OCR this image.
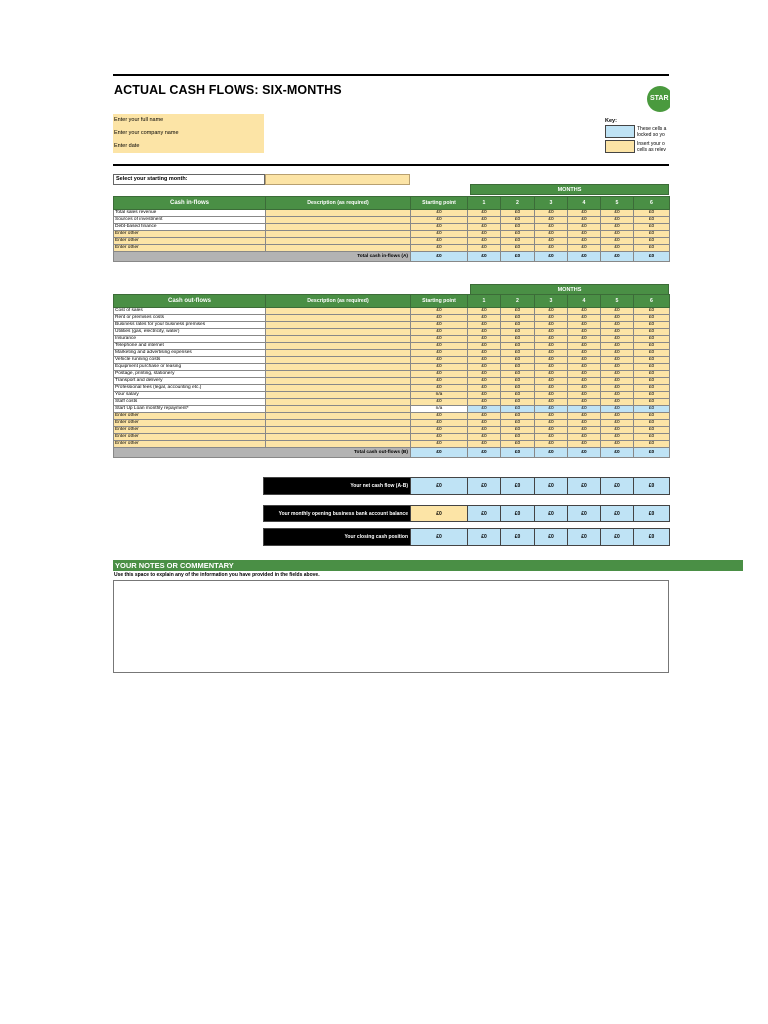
ACTUAL CASH FLOWS: SIX-MONTHS
STAR
Enter your full name
Enter your company name
Enter date
Key:
These cells a
locked so yo
Insert your o
cells as relev
Select your starting month:
MONTHS
Cash in-flows	Description (as required)	Starting point	1	2	3	4	5	6
Total sales revenue		£0	£0	£0	£0	£0	£0	£0
Sources of investment		£0	£0	£0	£0	£0	£0	£0
Debt-based finance		£0	£0	£0	£0	£0	£0	£0
Enter other		£0	£0	£0	£0	£0	£0	£0
Enter other		£0	£0	£0	£0	£0	£0	£0
Enter other		£0	£0	£0	£0	£0	£0	£0
Total cash in-flows (A)		£0	£0	£0	£0	£0	£0	£0
MONTHS
Cash out-flows	Description (as required)	Starting point	1	2	3	4	5	6
Cost of sales		£0	£0	£0	£0	£0	£0	£0
Rent or premises costs		£0	£0	£0	£0	£0	£0	£0
Business rates for your business premises		£0	£0	£0	£0	£0	£0	£0
Utilities (gas, electricity, water)		£0	£0	£0	£0	£0	£0	£0
Insurance		£0	£0	£0	£0	£0	£0	£0
Telephone and internet		£0	£0	£0	£0	£0	£0	£0
Marketing and advertising expenses		£0	£0	£0	£0	£0	£0	£0
Vehicle running costs		£0	£0	£0	£0	£0	£0	£0
Equipment purchase or leasing		£0	£0	£0	£0	£0	£0	£0
Postage, printing, stationery		£0	£0	£0	£0	£0	£0	£0
Transport and delivery		£0	£0	£0	£0	£0	£0	£0
Professional fees (legal, accounting etc.)		£0	£0	£0	£0	£0	£0	£0
Your salary		n/a	£0	£0	£0	£0	£0	£0
Staff costs		£0	£0	£0	£0	£0	£0	£0
Start Up Loan monthly repayment*		n/a	£0	£0	£0	£0	£0	£0
Enter other		£0	£0	£0	£0	£0	£0	£0
Enter other		£0	£0	£0	£0	£0	£0	£0
Enter other		£0	£0	£0	£0	£0	£0	£0
Enter other		£0	£0	£0	£0	£0	£0	£0
Enter other		£0	£0	£0	£0	£0	£0	£0
Total cash out-flows (B)		£0	£0	£0	£0	£0	£0	£0
Your net cash flow (A-B)	£0	£0	£0	£0	£0	£0	£0
Your monthly opening business bank account balance	£0	£0	£0	£0	£0	£0	£0
Your closing cash position	£0	£0	£0	£0	£0	£0	£0
YOUR NOTES OR COMMENTARY
Use this space to explain any of the information you have provided in the fields above.
